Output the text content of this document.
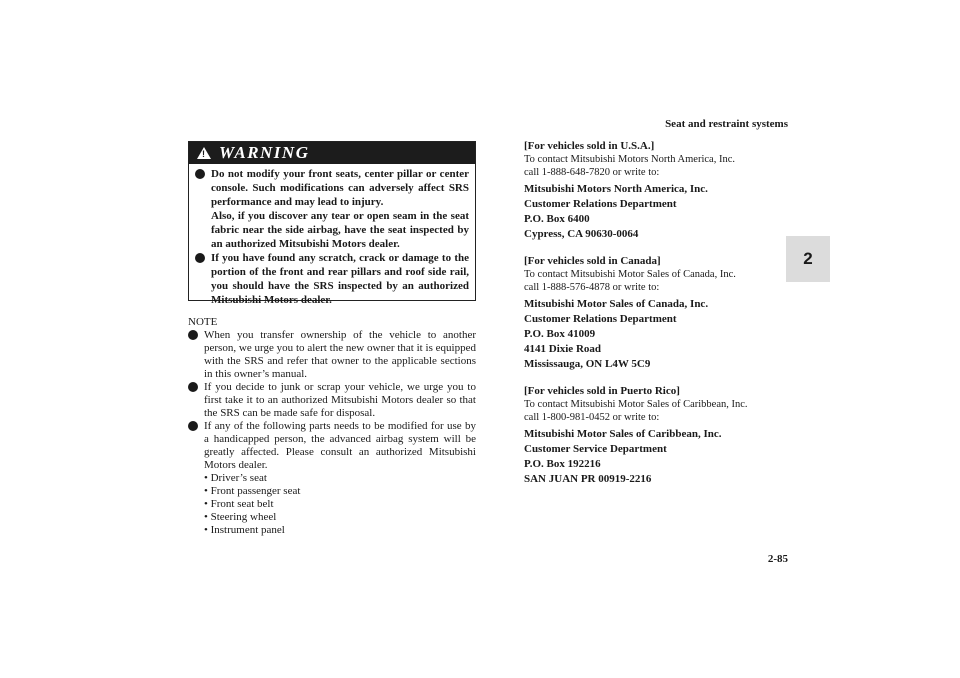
Seat and restraint systems
2
2-85
! WARNING

Do not modify your front seats, center pillar or center console. Such modifications can adversely affect SRS performance and may lead to injury.

Also, if you discover any tear or open seam in the seat fabric near the side airbag, have the seat inspected by an authorized Mitsubishi Motors dealer.

If you have found any scratch, crack or damage to the portion of the front and rear pillars and roof side rail, you should have the SRS inspected by an authorized Mitsubishi Motors dealer.

NOTE
When you transfer ownership of the vehicle to another person, we urge you to alert the new owner that it is equipped with the SRS and refer that owner to the applicable sections in this owner’s manual.
If you decide to junk or scrap your vehicle, we urge you to first take it to an authorized Mitsubishi Motors dealer so that the SRS can be made safe for disposal.
If any of the following parts needs to be modified for use by a handicapped person, the advanced airbag system will be greatly affected. Please consult an authorized Mitsubishi Motors dealer.
• Driver’s seat
• Front passenger seat
• Front seat belt
• Steering wheel
• Instrument panel
[For vehicles sold in U.S.A.]
To contact Mitsubishi Motors North America, Inc.
call 1-888-648-7820 or write to:
Mitsubishi Motors North America, Inc.
Customer Relations Department
P.O. Box 6400
Cypress, CA 90630-0064
[For vehicles sold in Canada]
To contact Mitsubishi Motor Sales of Canada, Inc.
call 1-888-576-4878 or write to:
Mitsubishi Motor Sales of Canada, Inc.
Customer Relations Department
P.O. Box 41009
4141 Dixie Road
Mississauga, ON L4W 5C9
[For vehicles sold in Puerto Rico]
To contact Mitsubishi Motor Sales of Caribbean, Inc.
call 1-800-981-0452 or write to:
Mitsubishi Motor Sales of Caribbean, Inc.
Customer Service Department
P.O. Box 192216
SAN JUAN PR 00919-2216
